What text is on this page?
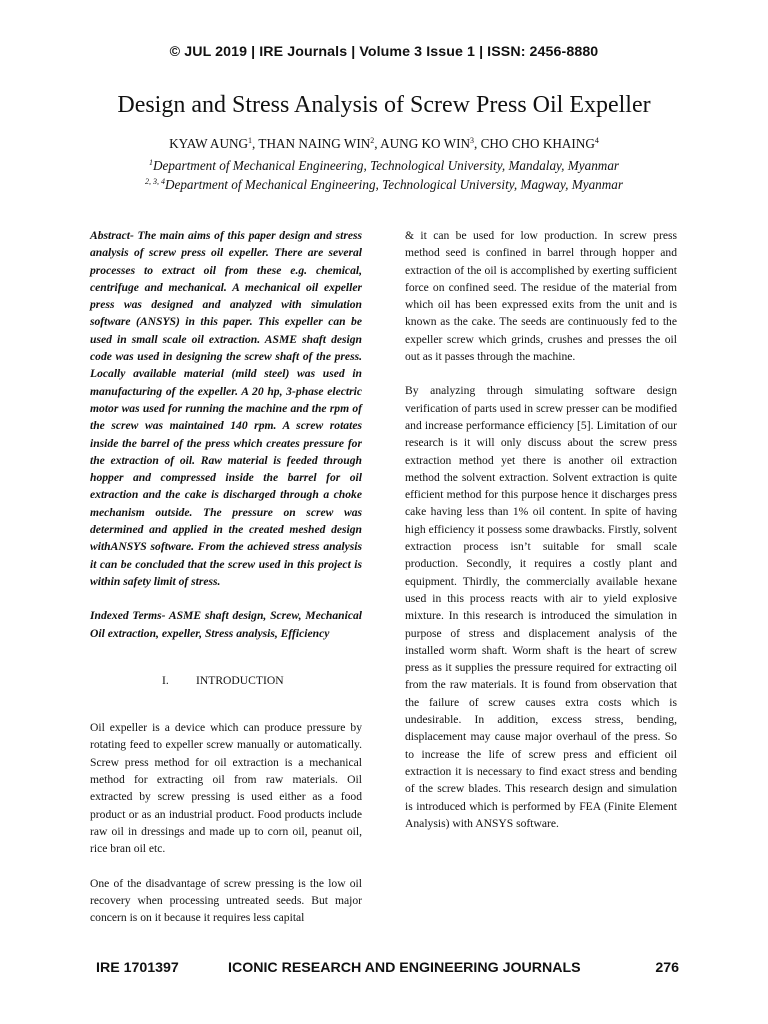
© JUL 2019 | IRE Journals | Volume 3 Issue 1 | ISSN: 2456-8880
Design and Stress Analysis of Screw Press Oil Expeller
KYAW AUNG$^1$, THAN NAING WIN$^2$, AUNG KO WIN$^3$, CHO CHO KHAING$^4$
$^1$Department of Mechanical Engineering, Technological University, Mandalay, Myanmar
$^{2, 3, 4}$Department of Mechanical Engineering, Technological University, Magway, Myanmar

Abstract- The main aims of this paper design and stress analysis of screw press oil expeller. There are several processes to extract oil from these e.g. chemical, centrifuge and mechanical. A mechanical oil expeller press was designed and analyzed with simulation software (ANSYS) in this paper. This expeller can be used in small scale oil extraction. ASME shaft design code was used in designing the screw shaft of the press. Locally available material (mild steel) was used in manufacturing of the expeller. A 20 hp, 3-phase electric motor was used for running the machine and the rpm of the screw was maintained 140 rpm. A screw rotates inside the barrel of the press which creates pressure for the extraction of oil. Raw material is feeded through hopper and compressed inside the barrel for oil extraction and the cake is discharged through a choke mechanism outside. The pressure on screw was determined and applied in the created meshed design withANSYS software. From the achieved stress analysis it can be concluded that the screw used in this project is within safety limit of stress.

Indexed Terms- ASME shaft design, Screw, Mechanical Oil extraction, expeller, Stress analysis, Efficiency

I. INTRODUCTION

Oil expeller is a device which can produce pressure by rotating feed to expeller screw manually or automatically. Screw press method for oil extraction is a mechanical method for extracting oil from raw materials. Oil extracted by screw pressing is used either as a food product or as an industrial product. Food products include raw oil in dressings and made up to corn oil, peanut oil, rice bran oil etc.

One of the disadvantage of screw pressing is the low oil recovery when processing untreated seeds. But major concern is on it because it requires less capital

& it can be used for low production. In screw press method seed is confined in barrel through hopper and extraction of the oil is accomplished by exerting sufficient force on confined seed. The residue of the material from which oil has been expressed exits from the unit and is known as the cake. The seeds are continuously fed to the expeller screw which grinds, crushes and presses the oil out as it passes through the machine.

By analyzing through simulating software design verification of parts used in screw presser can be modified and increase performance efficiency [5]. Limitation of our research is it will only discuss about the screw press extraction method yet there is another oil extraction method the solvent extraction. Solvent extraction is quite efficient method for this purpose hence it discharges press cake having less than 1% oil content. In spite of having high efficiency it possess some drawbacks. Firstly, solvent extraction process isn’t suitable for small scale production. Secondly, it requires a costly plant and equipment. Thirdly, the commercially available hexane used in this process reacts with air to yield explosive mixture. In this research is introduced the simulation in purpose of stress and displacement analysis of the installed worm shaft. Worm shaft is the heart of screw press as it supplies the pressure required for extracting oil from the raw materials. It is found from observation that the failure of screw causes extra costs which is undesirable. In addition, excess stress, bending, displacement may cause major overhaul of the press. So to increase the life of screw press and efficient oil extraction it is necessary to find exact stress and bending of the screw blades. This research design and simulation is introduced which is performed by FEA (Finite Element Analysis) with ANSYS software.

IRE 1701397	ICONIC RESEARCH AND ENGINEERING JOURNALS	276
